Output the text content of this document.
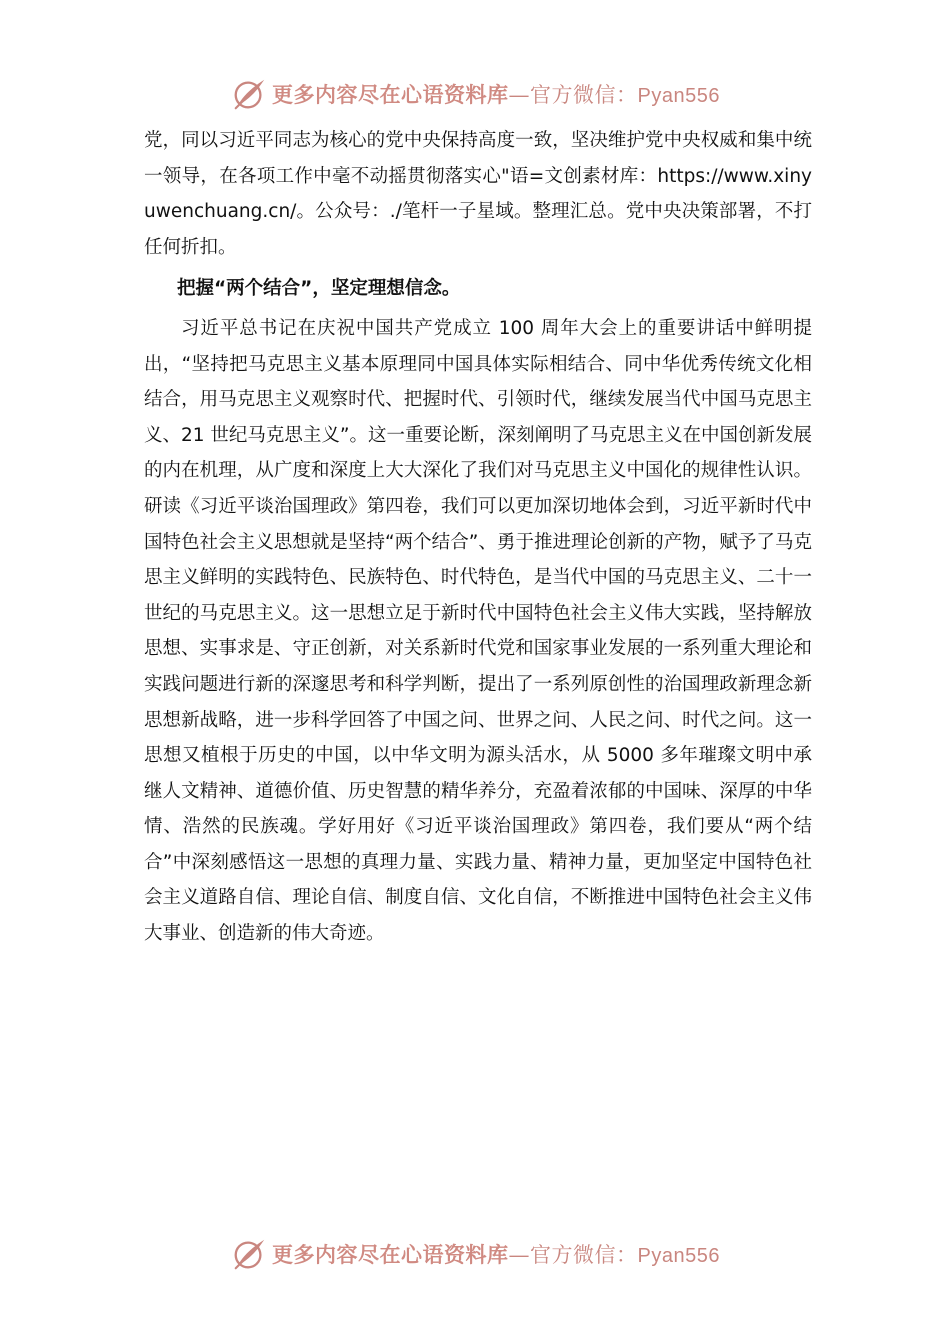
更多内容尽在心语资料库—官方微信：Pyan556

党，同以习近平同志为核心的党中央保持高度一致，坚决维护党中央权威和集中统一领导，在各项工作中毫不动摇贯彻落实心"语=文创素材库：https://www.xinyuwenchuang.cn/。公众号：./笔杆一子星域。整理汇总。党中央决策部署，不打任何折扣。

把握“两个结合”，坚定理想信念。

习近平总书记在庆祝中国共产党成立 100 周年大会上的重要讲话中鲜明提出，“坚持把马克思主义基本原理同中国具体实际相结合、同中华优秀传统文化相结合，用马克思主义观察时代、把握时代、引领时代，继续发展当代中国马克思主义、21 世纪马克思主义”。这一重要论断，深刻阐明了马克思主义在中国创新发展的内在机理，从广度和深度上大大深化了我们对马克思主义中国化的规律性认识。研读《习近平谈治国理政》第四卷，我们可以更加深切地体会到，习近平新时代中国特色社会主义思想就是坚持“两个结合”、勇于推进理论创新的产物，赋予了马克思主义鲜明的实践特色、民族特色、时代特色，是当代中国的马克思主义、二十一世纪的马克思主义。这一思想立足于新时代中国特色社会主义伟大实践，坚持解放思想、实事求是、守正创新，对关系新时代党和国家事业发展的一系列重大理论和实践问题进行新的深邃思考和科学判断，提出了一系列原创性的治国理政新理念新思想新战略，进一步科学回答了中国之问、世界之问、人民之问、时代之问。这一思想又植根于历史的中国，以中华文明为源头活水，从 5000 多年璀璨文明中承继人文精神、道德价值、历史智慧的精华养分，充盈着浓郁的中国味、深厚的中华情、浩然的民族魂。学好用好《习近平谈治国理政》第四卷，我们要从“两个结合”中深刻感悟这一思想的真理力量、实践力量、精神力量，更加坚定中国特色社会主义道路自信、理论自信、制度自信、文化自信，不断推进中国特色社会主义伟大事业、创造新的伟大奇迹。

更多内容尽在心语资料库—官方微信：Pyan556
